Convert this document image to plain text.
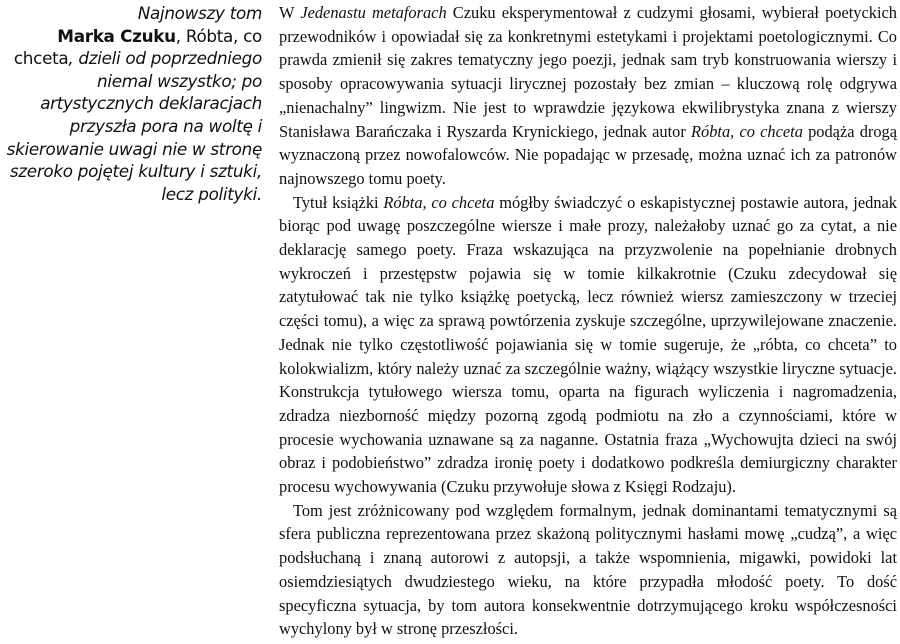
Najnowszy tom
Marka Czuku, Róbta, co chceta, dzieli od poprzedniego niemal wszystko; po artystycznych deklaracjach przyszła pora na woltę i skierowanie uwagi nie w stronę szeroko pojętej kultury i sztuki, lecz polityki.

W Jedenastu metaforach Czuku eksperymentował z cudzymi głosami, wybierał poetyckich przewodników i opowiadał się za konkretnymi estetykami i projektami poetologicznymi. Co prawda zmienił się zakres tematyczny jego poezji, jednak sam tryb konstruowania wierszy i sposoby opracowywania sytuacji lirycznej pozostały bez zmian – kluczową rolę odgrywa „nienachalny” lingwizm. Nie jest to wprawdzie językowa ekwilibrystyka znana z wierszy Stanisława Barańczaka i Ryszarda Krynickiego, jednak autor Róbta, co chceta podąża drogą wyznaczoną przez nowofalowców. Nie popadając w przesadę, można uznać ich za patronów najnowszego tomu poety.

Tytuł książki Róbta, co chceta mógłby świadczyć o eskapistycznej postawie autora, jednak biorąc pod uwagę poszczególne wiersze i małe prozy, należałoby uznać go za cytat, a nie deklarację samego poety. Fraza wskazująca na przyzwolenie na popełnianie drobnych wykroczeń i przestępstw pojawia się w tomie kilkakrotnie (Czuku zdecydował się zatytułować tak nie tylko książkę poetycką, lecz również wiersz zamieszczony w trzeciej części tomu), a więc za sprawą powtórzenia zyskuje szczególne, uprzywilejowane znaczenie. Jednak nie tylko częstotliwość pojawiania się w tomie sugeruje, że „róbta, co chceta” to kolokwializm, który należy uznać za szczególnie ważny, wiążący wszystkie liryczne sytuacje. Konstrukcja tytułowego wiersza tomu, oparta na figurach wyliczenia i nagromadzenia, zdradza niezborność między pozorną zgodą podmiotu na zło a czynnościami, które w procesie wychowania uznawane są za naganne. Ostatnia fraza „Wychowujta dzieci na swój obraz i podobieństwo” zdradza ironię poety i dodatkowo podkreśla demiurgiczny charakter procesu wychowywania (Czuku przywołuje słowa z Księgi Rodzaju).

Tom jest zróżnicowany pod względem formalnym, jednak dominantami tematycznymi są sfera publiczna reprezentowana przez skażoną politycznymi hasłami mowę „cudzą”, a więc podsłuchaną i znaną autorowi z autopsji, a także wspomnienia, migawki, powidoki lat osiemdziesiątych dwudziestego wieku, na które przypadła młodość poety. To dość specyficzna sytuacja, by tom autora konsekwentnie dotrzymującego kroku współczesności wychylony był w stronę przeszłości.
